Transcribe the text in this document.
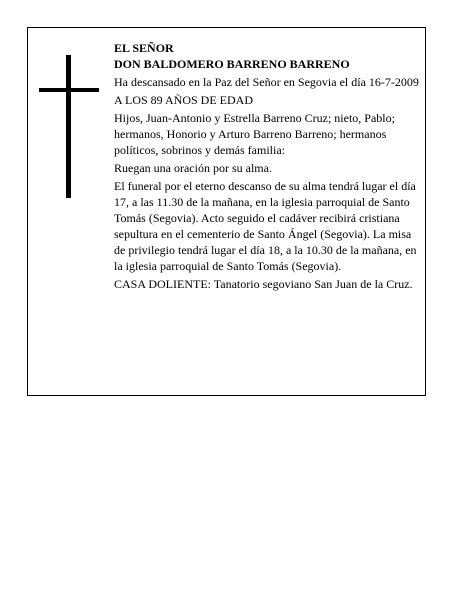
EL SEÑOR

DON BALDOMERO BARRENO BARRENO

Ha descansado en la Paz del Señor en Segovia el día 16-7-2009

A LOS 89 AÑOS DE EDAD

Hijos, Juan-Antonio y Estrella Barreno Cruz; nieto, Pablo; hermanos, Honorio y Arturo Barreno Barreno; hermanos políticos, sobrinos y demás familia:

Ruegan una oración por su alma.

El funeral por el eterno descanso de su alma tendrá lugar el día 17, a las 11.30 de la mañana, en la iglesia parroquial de Santo Tomás (Segovia). Acto seguido el cadáver recibirá cristiana sepultura en el cementerio de Santo Ángel (Segovia). La misa de privilegio tendrá lugar el día 18, a la 10.30 de la mañana, en la iglesia parroquial de Santo Tomás (Segovia).

CASA DOLIENTE: Tanatorio segoviano San Juan de la Cruz.
